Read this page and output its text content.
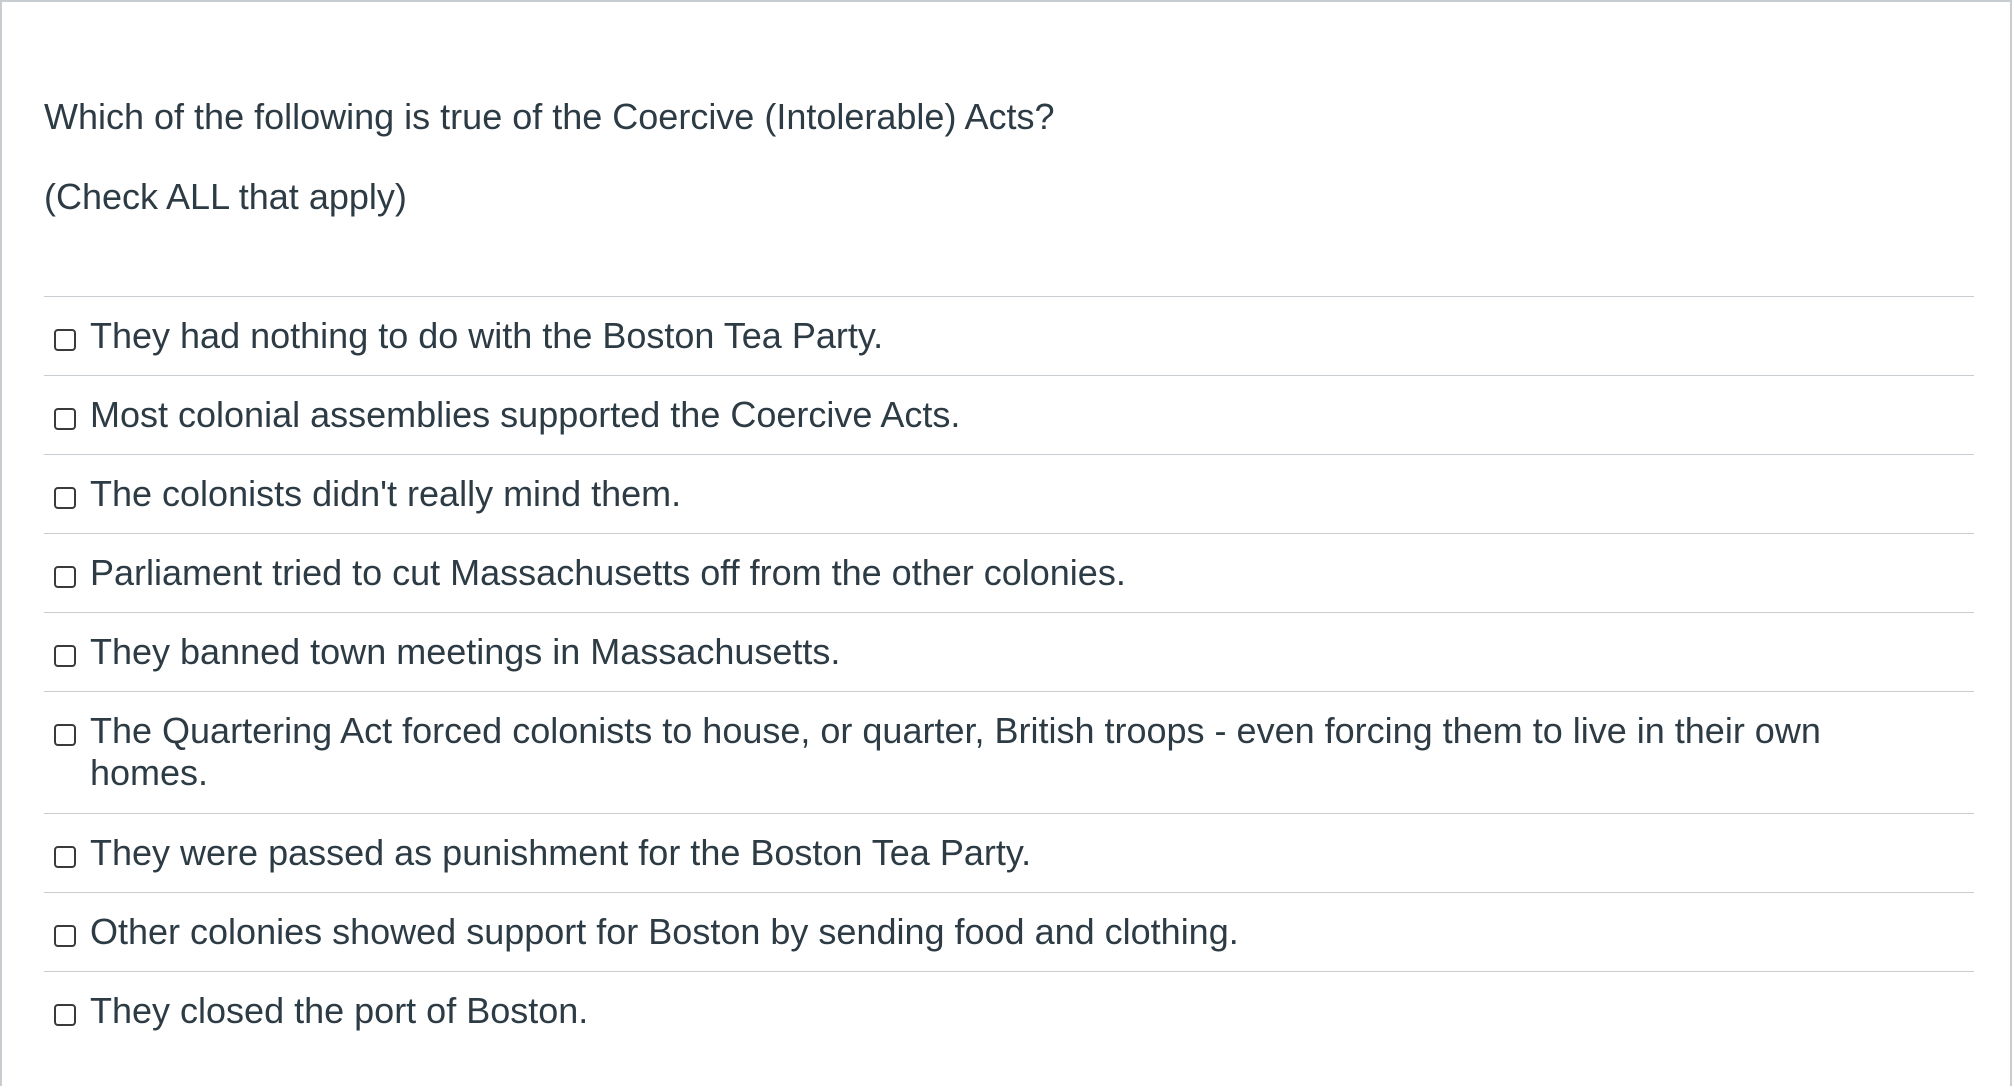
Which of the following is true of the Coercive (Intolerable) Acts?

(Check ALL that apply)

They had nothing to do with the Boston Tea Party.
Most colonial assemblies supported the Coercive Acts.
The colonists didn't really mind them.
Parliament tried to cut Massachusetts off from the other colonies.
They banned town meetings in Massachusetts.
The Quartering Act forced colonists to house, or quarter, British troops - even forcing them to live in their own homes.
They were passed as punishment for the Boston Tea Party.
Other colonies showed support for Boston by sending food and clothing.
They closed the port of Boston.
